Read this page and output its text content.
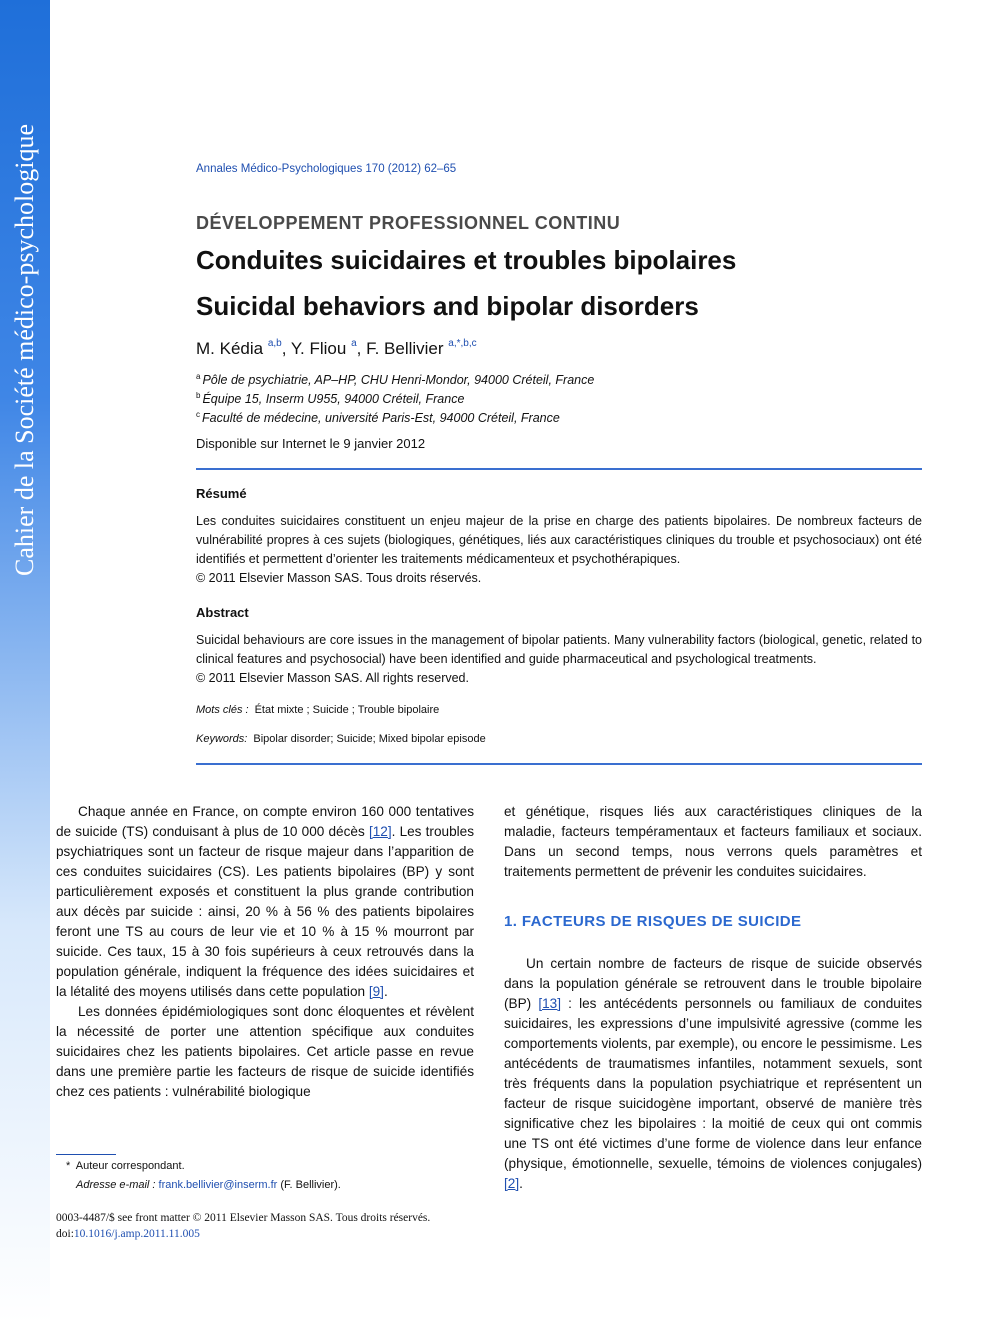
Cahier de la Société médico-psychologique	Annales Médico-Psychologiques 170 (2012) 62–65
DÉVELOPPEMENT PROFESSIONNEL CONTINU
Conduites suicidaires et troubles bipolaires
Suicidal behaviors and bipolar disorders
M. Kédia $^{a,b}$, Y. Fliou $^a$, F. Bellivier $^{a,*,b,c}$
$^a$ Pôle de psychiatrie, AP–HP, CHU Henri-Mondor, 94000 Créteil, France
$^b$ Équipe 15, Inserm U955, 94000 Créteil, France
$^c$ Faculté de médecine, université Paris-Est, 94000 Créteil, France
Disponible sur Internet le 9 janvier 2012
Résumé

Les conduites suicidaires constituent un enjeu majeur de la prise en charge des patients bipolaires. De nombreux facteurs de vulnérabilité propres à ces sujets (biologiques, génétiques, liés aux caractéristiques cliniques du trouble et psychosociaux) ont été identifiés et permettent d’orienter les traitements médicamenteux et psychothérapiques.
© 2011 Elsevier Masson SAS. Tous droits réservés.

Abstract

Suicidal behaviours are core issues in the management of bipolar patients. Many vulnerability factors (biological, genetic, related to clinical features and psychosocial) have been identified and guide pharmaceutical and psychological treatments.
© 2011 Elsevier Masson SAS. All rights reserved.

Mots clés : État mixte ; Suicide ; Trouble bipolaire
Keywords: Bipolar disorder; Suicide; Mixed bipolar episode

Chaque année en France, on compte environ 160 000 tentatives de suicide (TS) conduisant à plus de 10 000 décès [12]. Les troubles psychiatriques sont un facteur de risque majeur dans l’apparition de ces conduites suicidaires (CS). Les patients bipolaires (BP) y sont particulièrement exposés et constituent la plus grande contribution aux décès par suicide : ainsi, 20 % à 56 % des patients bipolaires feront une TS au cours de leur vie et 10 % à 15 % mourront par suicide. Ces taux, 15 à 30 fois supérieurs à ceux retrouvés dans la population générale, indiquent la fréquence des idées suicidaires et la létalité des moyens utilisés dans cette population [9].

Les données épidémiologiques sont donc éloquentes et révèlent la nécessité de porter une attention spécifique aux conduites suicidaires chez les patients bipolaires. Cet article passe en revue dans une première partie les facteurs de risque de suicide identifiés chez ces patients : vulnérabilité biologique

et génétique, risques liés aux caractéristiques cliniques de la maladie, facteurs tempéramentaux et facteurs familiaux et sociaux. Dans un second temps, nous verrons quels paramètres et traitements permettent de prévenir les conduites suicidaires.

1. FACTEURS DE RISQUES DE SUICIDE

Un certain nombre de facteurs de risque de suicide observés dans la population générale se retrouvent dans le trouble bipolaire (BP) [13] : les antécédents personnels ou familiaux de conduites suicidaires, les expressions d’une impulsivité agressive (comme les comportements violents, par exemple), ou encore le pessimisme. Les antécédents de traumatismes infantiles, notamment sexuels, sont très fréquents dans la population psychiatrique et représentent un facteur de risque suicidogène important, observé de manière très significative chez les bipolaires : la moitié de ceux qui ont commis une TS ont été victimes d’une forme de violence dans leur enfance (physique, émotionnelle, sexuelle, témoins de violences conjugales) [2].

* Auteur correspondant.
Adresse e-mail : frank.bellivier@inserm.fr (F. Bellivier).
0003-4487/$ see front matter © 2011 Elsevier Masson SAS. Tous droits réservés.
doi:10.1016/j.amp.2011.11.005
